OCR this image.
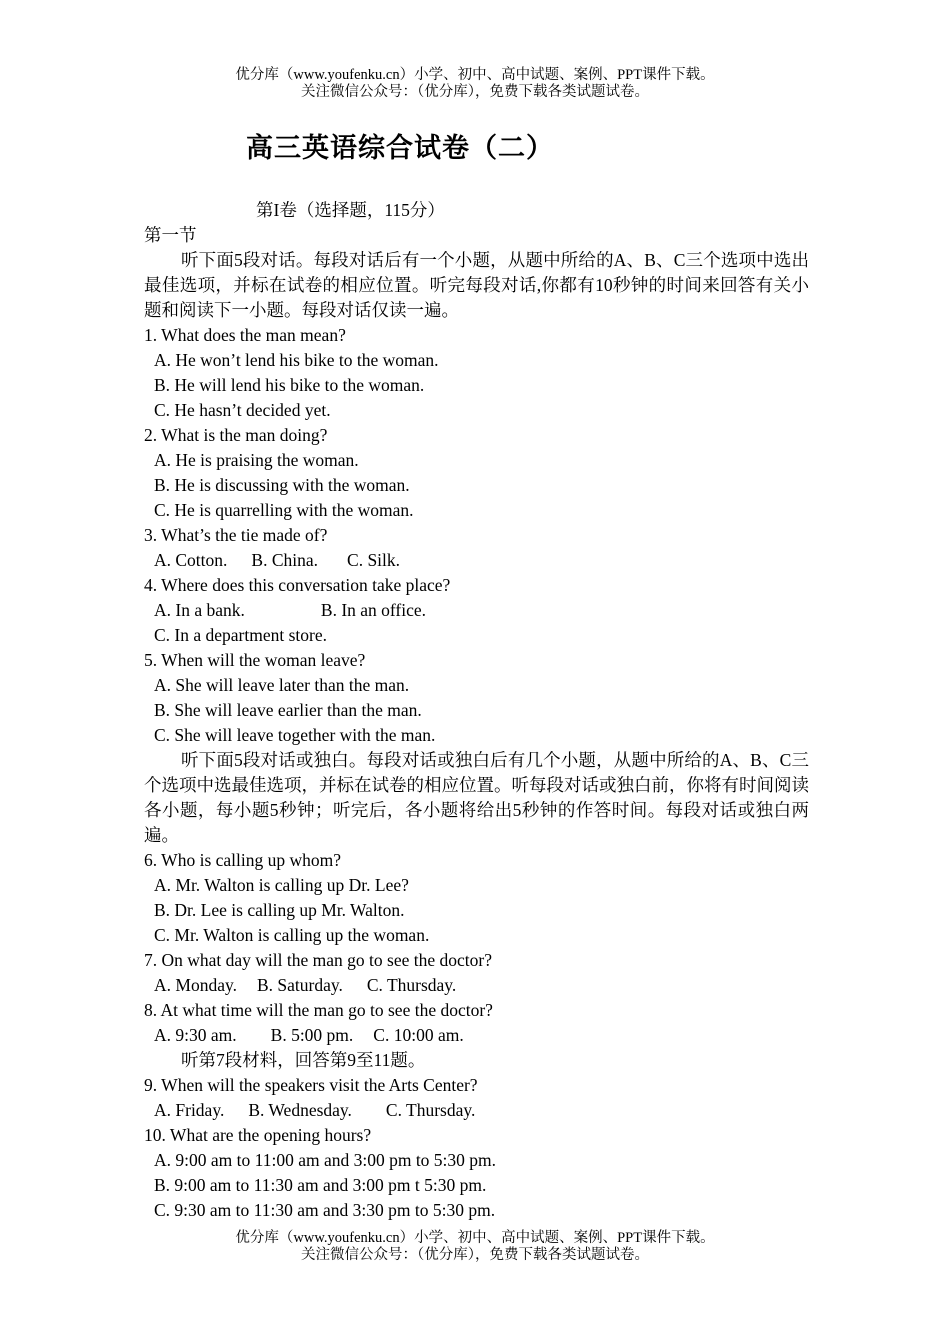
优分库（www.youfenku.cn）小学、初中、高中试题、案例、PPT课件下载。
关注微信公众号：（优分库），免费下载各类试题试卷。
高三英语综合试卷（二）
第I卷（选择题，115分）
第一节
听下面5段对话。每段对话后有一个小题，从题中所给的A、B、C三个选项中选出最佳选项，并标在试卷的相应位置。听完每段对话,你都有10秒钟的时间来回答有关小题和阅读下一小题。每段对话仅读一遍。
1. What does the man mean?
A. He won’t lend his bike to the woman.
B. He will lend his bike to the woman.
C. He hasn’t decided yet.
2. What is the man doing?
A. He is praising the woman.
B. He is discussing with the woman.
C. He is quarrelling with the woman.
3. What’s the tie made of?
A. Cotton. B. China. C. Silk.
4. Where does this conversation take place?
A. In a bank.	B. In an office.
C. In a department store.
5. When will the woman leave?
A. She will leave later than the man.
B. She will leave earlier than the man.
C. She will leave together with the man.
听下面5段对话或独白。每段对话或独白后有几个小题，从题中所给的A、B、C三个选项中选最佳选项，并标在试卷的相应位置。听每段对话或独白前，你将有时间阅读各小题，每小题5秒钟；听完后，各小题将给出5秒钟的作答时间。每段对话或独白两遍。
6. Who is calling up whom?
A. Mr. Walton is calling up Dr. Lee?
B. Dr. Lee is calling up Mr. Walton.
C. Mr. Walton is calling up the woman.
7. On what day will the man go to see the doctor?
A. Monday. B. Saturday. C. Thursday.
8. At what time will the man go to see the doctor?
A. 9:30 am. B. 5:00 pm. C. 10:00 am.
听第7段材料，回答第9至11题。
9. When will the speakers visit the Arts Center?
A. Friday. B. Wednesday. C. Thursday.
10. What are the opening hours?
A. 9:00 am to 11:00 am and 3:00 pm to 5:30 pm.
B. 9:00 am to 11:30 am and 3:00 pm t 5:30 pm.
C. 9:30 am to 11:30 am and 3:30 pm to 5:30 pm.
优分库（www.youfenku.cn）小学、初中、高中试题、案例、PPT课件下载。
关注微信公众号：（优分库），免费下载各类试题试卷。
